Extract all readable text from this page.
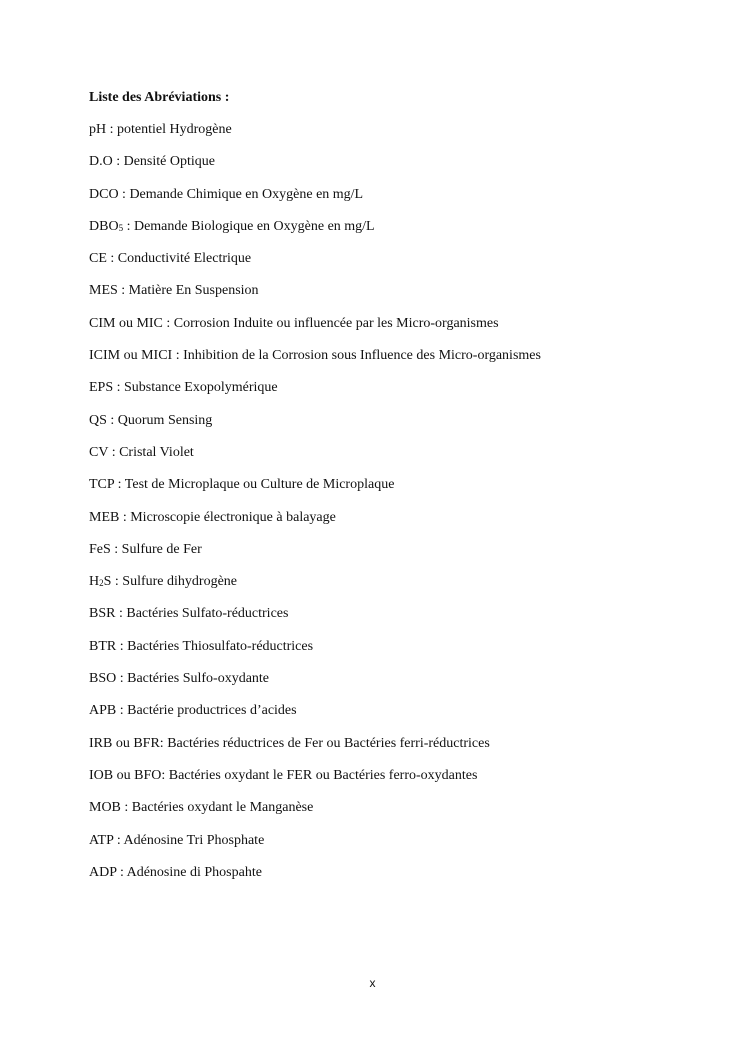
Liste des Abréviations :
pH : potentiel Hydrogène
D.O : Densité Optique
DCO : Demande Chimique en Oxygène en mg/L
DBO5 : Demande Biologique en Oxygène en mg/L
CE : Conductivité Electrique
MES : Matière En Suspension
CIM ou MIC : Corrosion Induite ou influencée par les Micro-organismes
ICIM ou MICI : Inhibition de la Corrosion sous Influence des Micro-organismes
EPS : Substance Exopolymérique
QS : Quorum Sensing
CV : Cristal Violet
TCP : Test de Microplaque ou Culture de Microplaque
MEB : Microscopie électronique à balayage
FeS : Sulfure de Fer
H2S : Sulfure dihydrogène
BSR : Bactéries Sulfato-réductrices
BTR : Bactéries Thiosulfato-réductrices
BSO : Bactéries Sulfo-oxydante
APB : Bactérie productrices d’acides
IRB ou BFR: Bactéries réductrices de Fer ou Bactéries ferri-réductrices
IOB ou BFO: Bactéries oxydant le FER ou Bactéries ferro-oxydantes
MOB : Bactéries oxydant le Manganèse
ATP : Adénosine Tri Phosphate
ADP : Adénosine di Phospahte
x
